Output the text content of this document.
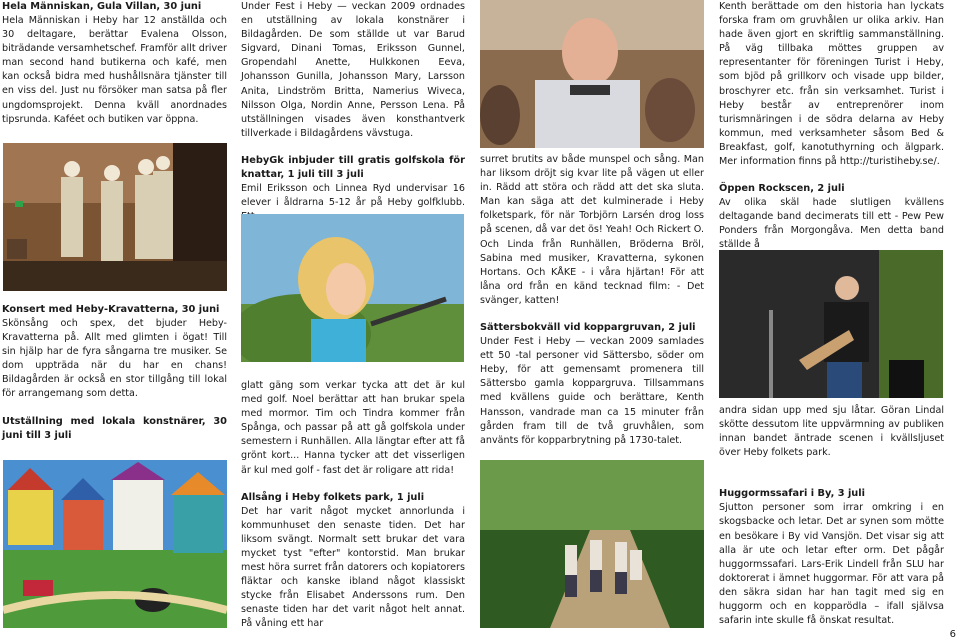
Hela Människan, Gula Villan, 30 juni

Hela Människan i Heby har 12 anställda och 30 deltagare, berättar Evalena Olsson, biträdande versamhetschef. Framför allt driver man second hand butikerna och kafé, men kan också bidra med hushållsnära tjänster till en viss del. Just nu försöker man satsa på fler ungdomsprojekt. Denna kväll anordnades tipsrunda. Kaféet och butiken var öppna.

Konsert med Heby-Kravatterna, 30 juni

Skönsång och spex, det bjuder Heby-Kravatterna på. Allt med glimten i ögat! Till sin hjälp har de fyra sångarna tre musiker. Se dom uppträda när du har en chans! Bildagården är också en stor tillgång till lokal för arrangemang som detta.

Utställning med lokala konstnärer, 30 juni till 3 juli

Under Fest i Heby — veckan 2009 ordnades en utställning av lokala konstnärer i Bildagården. De som ställde ut var Barud Sigvard, Dinani Tomas, Eriksson Gunnel, Gropendahl Anette, Hulkkonen Eeva, Johansson Gunilla, Johansson Mary, Larsson Anita, Lindström Britta, Namerius Wiveca, Nilsson Olga, Nordin Anne, Persson Lena. På utställningen visades även konsthantverk tillverkade i Bildagårdens vävstuga.

HebyGk inbjuder till gratis golfskola för knattar, 1 juli till 3 juli

Emil Eriksson och Linnea Ryd undervisar 16 elever i åldrarna 5-12 år på Heby golfklubb.

glatt gäng som verkar tycka att det är kul med golf. Noel berättar att han brukar spela med mormor. Tim och Tindra kommer från Spånga, och passar på att gå golfskola under semestern i Runhällen. Alla längtar efter att få grönt kort... Hanna tycker att det visserligen är kul med golf - fast det är roligare att rida!

Allsång i Heby folkets park, 1 juli

Det har varit något mycket annorlunda i kommunhuset den senaste tiden. Det har liksom svängt. Normalt sett brukar det vara mycket tyst "efter" kontorstid. Man brukar mest höra surret från datorers och kopiatorers fläktar och kanske ibland något klassiskt stycke från Elisabet Anderssons rum. Den senaste tiden har det varit något helt annat. På våning ett har

surret brutits av både munspel och sång. Man har liksom dröjt sig kvar lite på vägen ut eller in. Rädd att störa och rädd att det ska sluta. Man kan säga att det kulminerade i Heby folketspark, för när Torbjörn Larsén drog loss på scenen, då var det ös! Yeah! Och Rickert O. Och Linda från Runhällen, Bröderna Bröl, Sabina med musiker, Kravatterna, sykonen Hortans. Och KÅKE - i våra hjärtan! För att låna ord från en känd tecknad film: - Det svänger, katten!

Sättersbokväll vid koppargruvan, 2 juli

Under Fest i Heby — veckan 2009 samlades ett 50 -tal personer vid Sättersbo, söder om Heby, för att gemensamt promenera till Sättersbo gamla koppargruva. Tillsammans med kvällens guide och berättare, Kenth Hansson, vandrade man ca 15 minuter från gården fram till de två gruvhålen, som använts för kopparbrytning på 1730-talet.

Kenth berättade om den historia han lyckats forska fram om gruvhålen ur olika arkiv. Han hade även gjort en skriftlig sammanställning. På väg tillbaka möttes gruppen av representanter för föreningen Turist i Heby, som bjöd på grillkorv och visade upp bilder, broschyrer etc. från sin verksamhet. Turist i Heby består av entreprenörer inom turismnäringen i de södra delarna av Heby kommun, med verksamheter såsom Bed & Breakfast, golf, kanotuthyrning och älgpark. Mer information finns på http://turistiheby.se/.

Öppen Rockscen, 2 juli

Av olika skäl hade slutligen kvällens deltagande band decimerats till ett - Pew Pew Ponders från Morgongåva. Men detta band ställde å

andra sidan upp med sju låtar. Göran Lindal skötte dessutom lite uppvärmning av publiken innan bandet äntrade scenen i kvällsljuset över Heby folkets park.

Huggormssafari i By, 3 juli

Sjutton personer som irrar omkring i en skogsbacke och letar. Det ar synen som mötte en besökare i By vid Vansjön. Det visar sig att alla är ute och letar efter orm. Det pågår huggormssafari. Lars-Erik Lindell från SLU har doktorerat i ämnet huggormar. För att vara på den säkra sidan har han tagit med sig en huggorm och en kopparödla – ifall självsa safarin inte skulle få önskat resultat.

6
